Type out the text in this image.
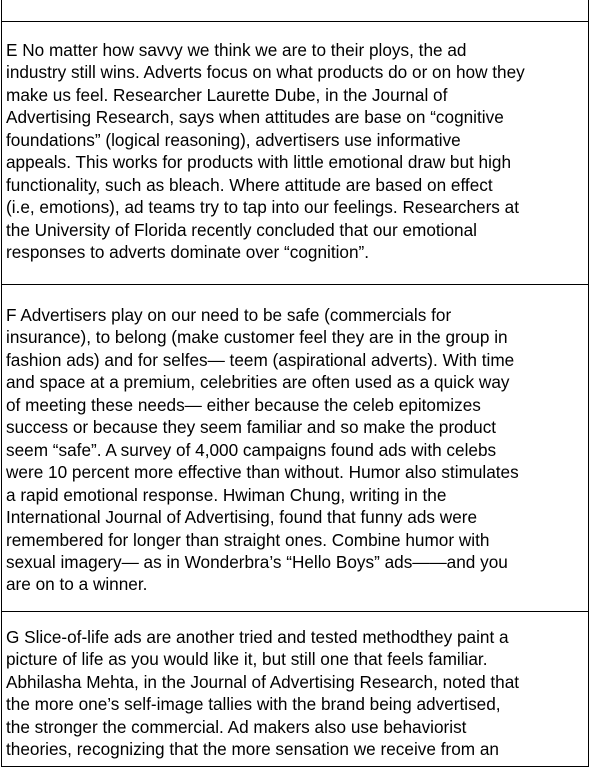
E No matter how savvy we think we are to their ploys, the ad
industry still wins. Adverts focus on what products do or on how they
make us feel. Researcher Laurette Dube, in the Journal of
Advertising Research, says when attitudes are base on “cognitive
foundations” (logical reasoning), advertisers use informative
appeals. This works for products with little emotional draw but high
functionality, such as bleach. Where attitude are based on effect
(i.e, emotions), ad teams try to tap into our feelings. Researchers at
the University of Florida recently concluded that our emotional
responses to adverts dominate over “cognition”.

F Advertisers play on our need to be safe (commercials for
insurance), to belong (make customer feel they are in the group in
fashion ads) and for selfes— teem (aspirational adverts). With time
and space at a premium, celebrities are often used as a quick way
of meeting these needs— either because the celeb epitomizes
success or because they seem familiar and so make the product
seem “safe”. A survey of 4,000 campaigns found ads with celebs
were 10 percent more effective than without. Humor also stimulates
a rapid emotional response. Hwiman Chung, writing in the
International Journal of Advertising, found that funny ads were
remembered for longer than straight ones. Combine humor with
sexual imagery— as in Wonderbra’s “Hello Boys” ads——and you
are on to a winner.

G Slice-of-life ads are another tried and tested methodthey paint a
picture of life as you would like it, but still one that feels familiar.
Abhilasha Mehta, in the Journal of Advertising Research, noted that
the more one’s self-image tallies with the brand being advertised,
the stronger the commercial. Ad makers also use behaviorist
theories, recognizing that the more sensation we receive from an
